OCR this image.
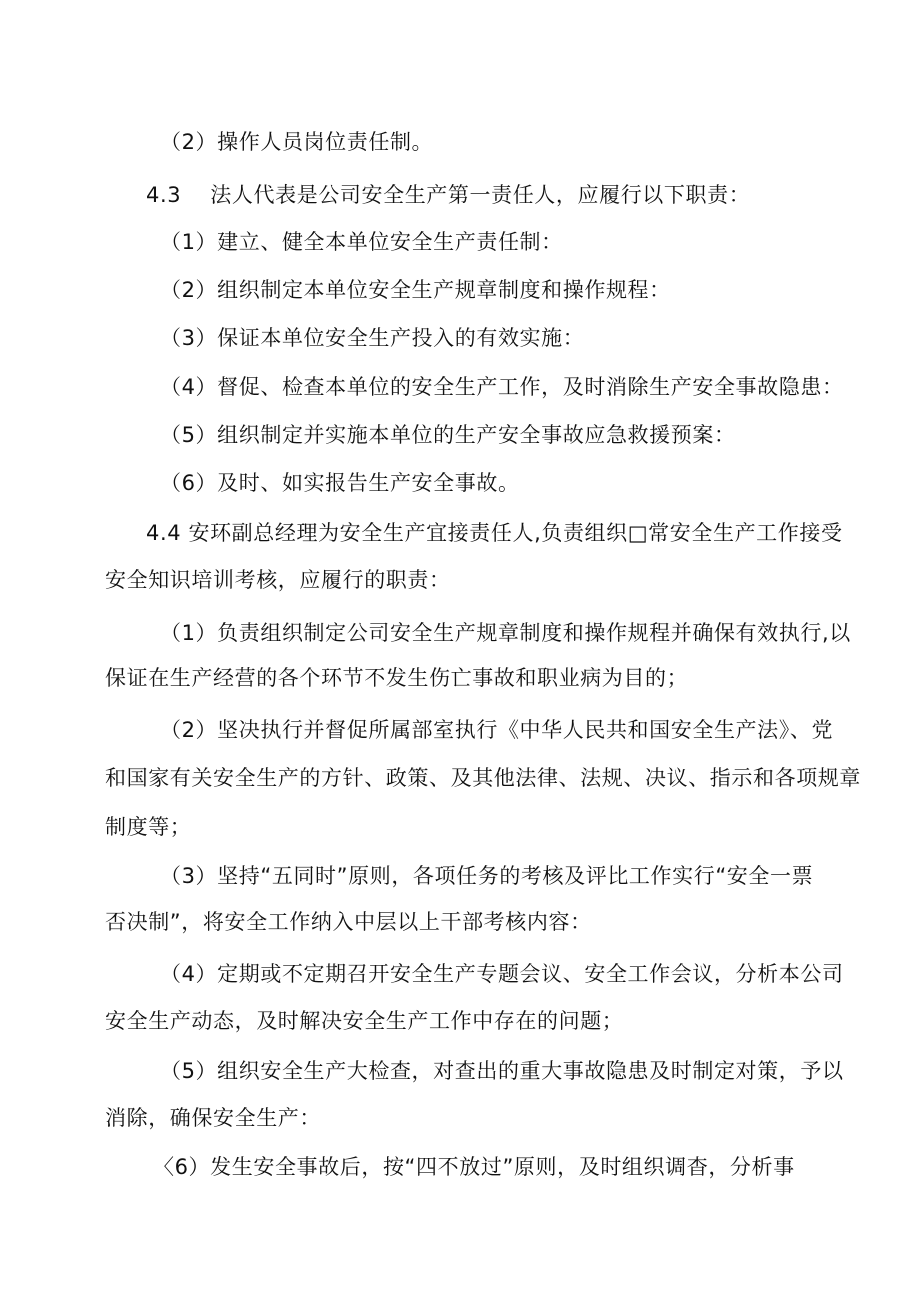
（2）操作人员岗位责任制。
4.3    法人代表是公司安全生产第一责任人，应履行以下职责：
（1）建立、健全本单位安全生产责任制：
（2）组织制定本单位安全生产规章制度和操作规程：
（3）保证本单位安全生产投入的有效实施：
（4）督促、检查本单位的安全生产工作，及时消除生产安全事故隐患：
（5）组织制定并实施本单位的生产安全事故应急救援预案：
（6）及时、如实报告生产安全事故。
4.4 安环副总经理为安全生产宜接责任人,负责组织□常安全生产工作接受
安全知识培训考核，应履行的职责：
（1）负责组织制定公司安全生产规章制度和操作规程并确保有效执行,以
保证在生产经营的各个环节不发生伤亡事故和职业病为目的；
（2）坚决执行并督促所属部室执行《中华人民共和国安全生产法》、党
和国家有关安全生产的方针、政策、及其他法律、法规、决议、指示和各项规章
制度等；
（3）坚持“五同时”原则，各项任务的考核及评比工作实行“安全一票
否决制”，将安全工作纳入中层以上干部考核内容：
（4）定期或不定期召开安全生产专题会议、安全工作会议，分析本公司
安全生产动态，及时解决安全生产工作中存在的问题；
（5）组织安全生产大检查，对查出的重大事故隐患及时制定对策，予以
消除，确保安全生产：
〈6）发生安全事故后，按“四不放过”原则，及时组织调杳，分析事
